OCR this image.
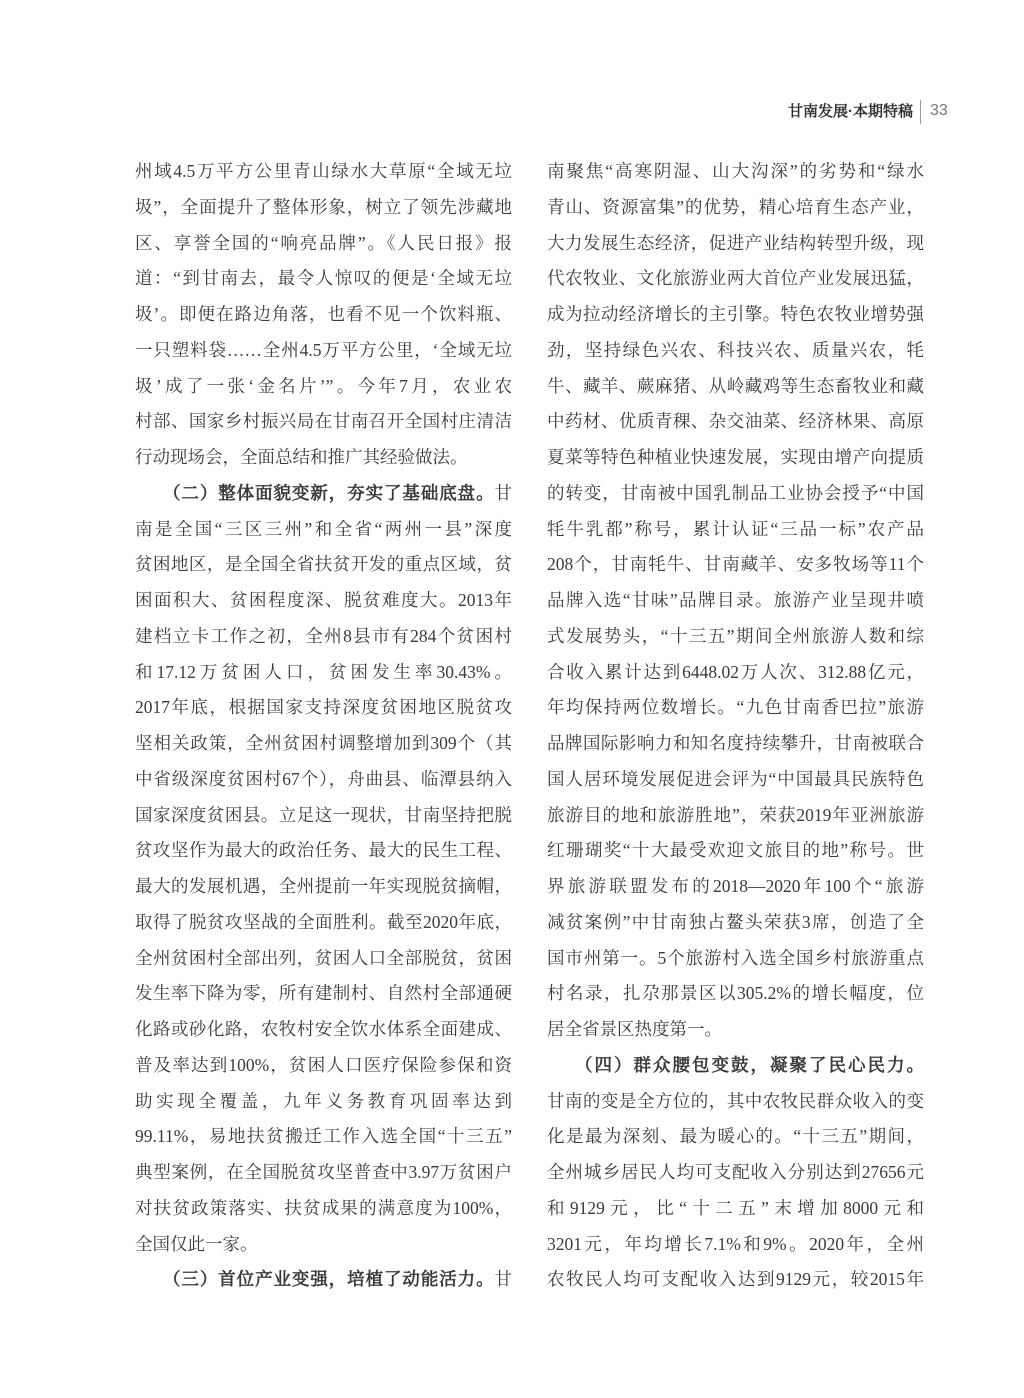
甘南发展·本期特稿 33
州域4.5万平方公里青山绿水大草原“全域无垃
圾”，全面提升了整体形象，树立了领先涉藏地
区、享誉全国的“响亮品牌”。《人民日报》报
道：“到甘南去，最令人惊叹的便是‘全域无垃
圾’。即便在路边角落，也看不见一个饮料瓶、
一只塑料袋……全州4.5万平方公里，‘全域无垃
圾’成了一张‘金名片’”。今年7月，农业农
村部、国家乡村振兴局在甘南召开全国村庄清洁
行动现场会，全面总结和推广其经验做法。
（二）整体面貌变新，夯实了基础底盘。甘
南是全国“三区三州”和全省“两州一县”深度
贫困地区，是全国全省扶贫开发的重点区域，贫
困面积大、贫困程度深、脱贫难度大。2013年
建档立卡工作之初，全州8县市有284个贫困村
和17.12万贫困人口，贫困发生率30.43%。
2017年底，根据国家支持深度贫困地区脱贫攻
坚相关政策，全州贫困村调整增加到309个（其
中省级深度贫困村67个），舟曲县、临潭县纳入
国家深度贫困县。立足这一现状，甘南坚持把脱
贫攻坚作为最大的政治任务、最大的民生工程、
最大的发展机遇，全州提前一年实现脱贫摘帽，
取得了脱贫攻坚战的全面胜利。截至2020年底，
全州贫困村全部出列，贫困人口全部脱贫，贫困
发生率下降为零，所有建制村、自然村全部通硬
化路或砂化路，农牧村安全饮水体系全面建成、
普及率达到100%，贫困人口医疗保险参保和资
助实现全覆盖，九年义务教育巩固率达到
99.11%，易地扶贫搬迁工作入选全国“十三五”
典型案例，在全国脱贫攻坚普查中3.97万贫困户
对扶贫政策落实、扶贫成果的满意度为100%，
全国仅此一家。
（三）首位产业变强，培植了动能活力。甘
南聚焦“高寒阴湿、山大沟深”的劣势和“绿水
青山、资源富集”的优势，精心培育生态产业，
大力发展生态经济，促进产业结构转型升级，现
代农牧业、文化旅游业两大首位产业发展迅猛，
成为拉动经济增长的主引擎。特色农牧业增势强
劲，坚持绿色兴农、科技兴农、质量兴农，牦
牛、藏羊、蕨麻猪、从岭藏鸡等生态畜牧业和藏
中药材、优质青稞、杂交油菜、经济林果、高原
夏菜等特色种植业快速发展，实现由增产向提质
的转变，甘南被中国乳制品工业协会授予“中国
牦牛乳都”称号，累计认证“三品一标”农产品
208个，甘南牦牛、甘南藏羊、安多牧场等11个
品牌入选“甘味”品牌目录。旅游产业呈现井喷
式发展势头，“十三五”期间全州旅游人数和综
合收入累计达到6448.02万人次、312.88亿元，
年均保持两位数增长。“九色甘南香巴拉”旅游
品牌国际影响力和知名度持续攀升，甘南被联合
国人居环境发展促进会评为“中国最具民族特色
旅游目的地和旅游胜地”，荣获2019年亚洲旅游
红珊瑚奖“十大最受欢迎文旅目的地”称号。世
界旅游联盟发布的2018—2020年100个“旅游
减贫案例”中甘南独占鳌头荣获3席，创造了全
国市州第一。5个旅游村入选全国乡村旅游重点
村名录，扎尕那景区以305.2%的增长幅度，位
居全省景区热度第一。
（四）群众腰包变鼓，凝聚了民心民力。
甘南的变是全方位的，其中农牧民群众收入的变
化是最为深刻、最为暖心的。“十三五”期间，
全州城乡居民人均可支配收入分别达到27656元
和9129元，比“十二五”末增加8000元和
3201元，年均增长7.1%和9%。2020年，全州
农牧民人均可支配收入达到9129元，较2015年
